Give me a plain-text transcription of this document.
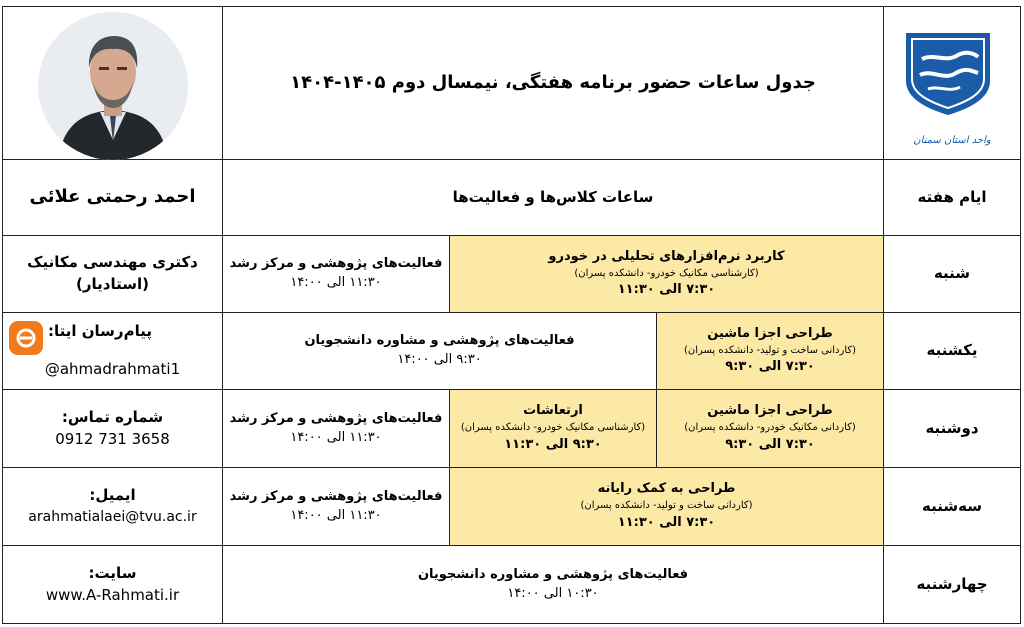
جدول ساعات حضور برنامه هفتگی، نیمسال دوم ۱۴۰۵-۱۴۰۴
واحد استان سمنان
احمد رحمتی علائی	ساعات کلاس‌ها و فعالیت‌ها	ایام هفته
دکتری مهندسی مکانیک
(استادیار)
فعالیت‌های پژوهشی و مرکز رشد
۱۱:۳۰ الی ۱۴:۰۰
کاربرد نرم‌افزارهای تحلیلی در خودرو
(کارشناسی مکانیک خودرو- دانشکده پسران)
۷:۳۰ الی ۱۱:۳۰
شنبه
پیام‌رسان ایتا:
@ahmadrahmati1
فعالیت‌های پژوهشی و مشاوره دانشجویان
۹:۳۰ الی ۱۴:۰۰
طراحی اجزا ماشین
(کاردانی ساخت و تولید- دانشکده پسران)
۷:۳۰ الی ۹:۳۰
یکشنبه
شماره تماس:
0912 731 3658
فعالیت‌های پژوهشی و مرکز رشد
۱۱:۳۰ الی ۱۴:۰۰
ارتعاشات
(کارشناسی مکانیک خودرو- دانشکده پسران)
۹:۳۰ الی ۱۱:۳۰
طراحی اجزا ماشین
(کاردانی مکانیک خودرو- دانشکده پسران)
۷:۳۰ الی ۹:۳۰
دوشنبه
ایمیل:
arahmatialaei@tvu.ac.ir
فعالیت‌های پژوهشی و مرکز رشد
۱۱:۳۰ الی ۱۴:۰۰
طراحی به کمک رایانه
(کاردانی ساخت و تولید- دانشکده پسران)
۷:۳۰ الی ۱۱:۳۰
سه‌شنبه
سایت:
www.A-Rahmati.ir
فعالیت‌های پژوهشی و مشاوره دانشجویان
۱۰:۳۰ الی ۱۴:۰۰
چهارشنبه
